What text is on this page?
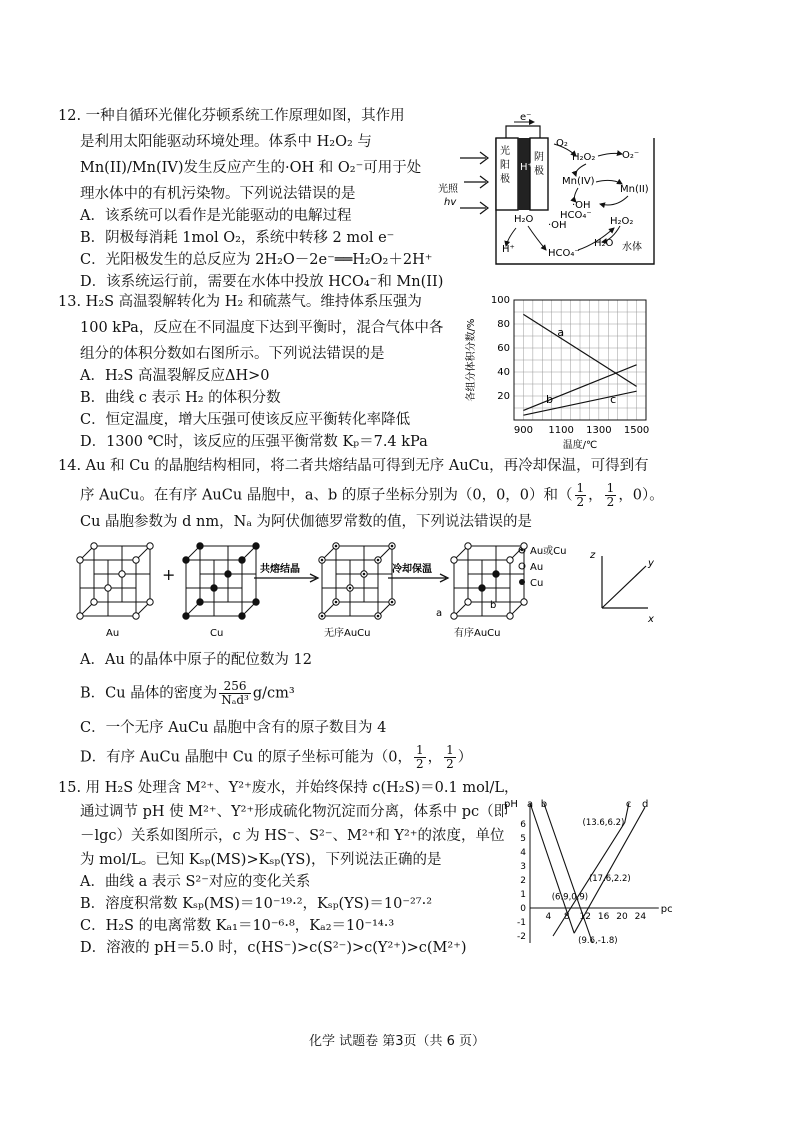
12. 一种自循环光催化芬顿系统工作原理如图，其作用
是利用太阳能驱动环境处理。体系中 H₂O₂ 与
Mn(II)/Mn(IV)发生反应产生的·OH 和 O₂⁻可用于处
理水体中的有机污染物。下列说法错误的是
A．该系统可以看作是光能驱动的电解过程
B．阴极每消耗 1mol O₂，系统中转移 2 mol e⁻
C．光阳极发生的总反应为 2H₂O－2e⁻══H₂O₂＋2H⁺
D．该系统运行前，需要在水体中投放 HCO₄⁻和 Mn(II)
e⁻
光
阳
极
阴
极
H⁺
光照
hv
O₂
H₂O₂	O₂⁻
Mn(IV)
Mn(II)
H₂O	HCO₄⁻
·OH
·OH	H₂O₂
H₂O
HCO₄⁻
H⁺	水体
13. H₂S 高温裂解转化为 H₂ 和硫蒸气。维持体系压强为
100 kPa，反应在不同温度下达到平衡时，混合气体中各
组分的体积分数如右图所示。下列说法错误的是
A．H₂S 高温裂解反应ΔH>0
B．曲线 c 表示 H₂ 的体积分数
C．恒定温度，增大压强可使该反应平衡转化率降低
D．1300 ℃时，该反应的压强平衡常数 Kₚ＝7.4 kPa
900 1100 1300 1500
20
40
60
80
100
温度/℃
各组分体积分数/%	a
b	c
14. Au 和 Cu 的晶胞结构相同，将二者共熔结晶可得到无序 AuCu，再冷却保温，可得到有
序 AuCu。在有序 AuCu 晶胞中，a、b 的原子坐标分别为（0，0，0）和（ $\frac{1}{2}$ ， $\frac{1}{2}$ ，0）。
Cu 晶胞参数为 d nm，Nₐ 为阿伏伽德罗常数的值，下列说法错误的是
+	共熔结晶	冷却保温
Au	Cu	无序AuCu	有序AuCu
Au或Cu
Au
Cu
z
y
x
a
b
A．Au 的晶体中原子的配位数为 12
B．Cu 晶体的密度为 $\frac{256}{\text{Nₐd³}} g/cm^3$
C．一个无序 AuCu 晶胞中含有的原子数目为 4
D．有序 AuCu 晶胞中 Cu 的原子坐标可能为（0， $\frac{1}{2}$ ， $\frac{1}{2}$ ）
15. 用 H₂S 处理含 M²⁺、Y²⁺废水，并始终保持 c(H₂S)＝0.1 mol/L，
通过调节 pH 使 M²⁺、Y²⁺形成硫化物沉淀而分离，体系中 pc（即
－lgc）关系如图所示，c 为 HS⁻、S²⁻、M²⁺和 Y²⁺的浓度，单位
为 mol/L。已知 Kₛₚ(MS)>Kₛₚ(YS)，下列说法正确的是
A．曲线 a 表示 S²⁻对应的变化关系
B．溶度积常数 Kₛₚ(MS)＝10⁻¹⁹·²，Kₛₚ(YS)＝10⁻²⁷·²
C．H₂S 的电离常数 Kₐ₁＝10⁻⁶·⁸，Kₐ₂＝10⁻¹⁴·³
D．溶液的 pH＝5.0 时，c(HS⁻)>c(S²⁻)>c(Y²⁺)>c(M²⁺)
pH
pc
-2
-1
0
1
2
3
4
5
6
4 8 12 16 20 24
a b	c d
(13.6,6.2)
(17.6,2.2)
(6.9,0.9)
(9.6,-1.8)
化学 试题卷 第3页（共 6 页）
